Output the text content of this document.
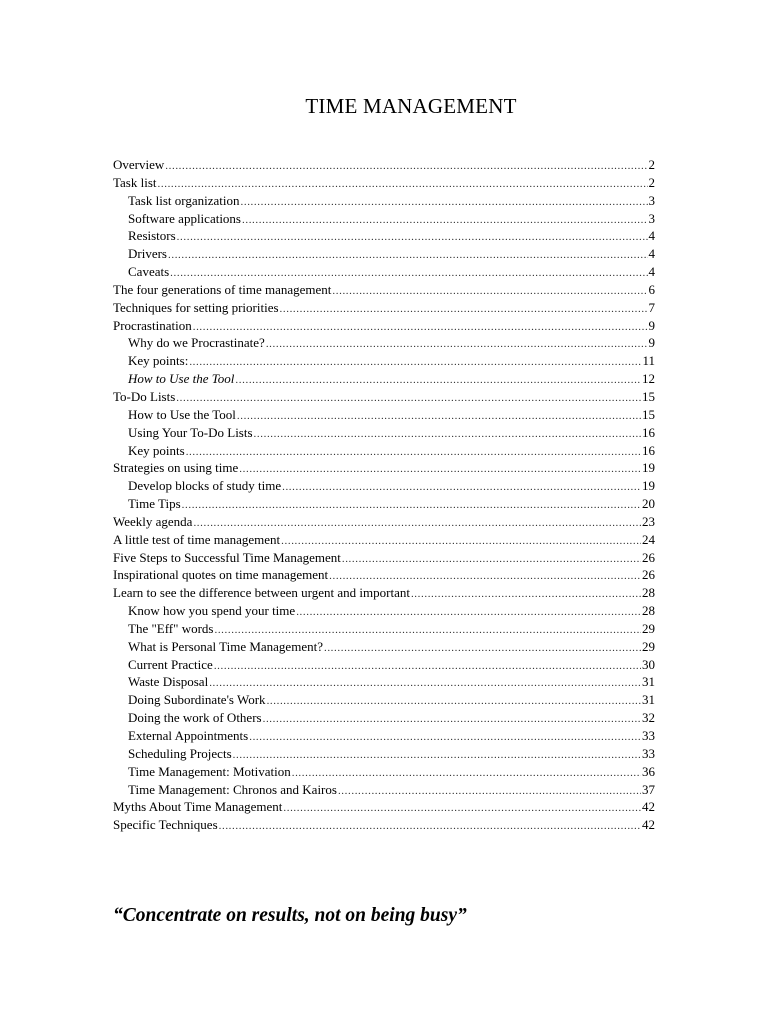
TIME MANAGEMENT
Overview .....	2
Task list .....	2
Task list organization .....	3
Software applications .....	3
Resistors .....	4
Drivers .....	4
Caveats .....	4
The four generations of time management .....	6
Techniques for setting priorities .....	7
Procrastination .....	9
Why do we Procrastinate? .....	9
Key points: .....	11
How to Use the Tool .....	12
To-Do Lists .....	15
How to Use the Tool .....	15
Using Your To-Do Lists .....	16
Key points .....	16
Strategies on using time .....	19
Develop blocks of study time .....	19
Time Tips .....	20
Weekly agenda .....	23
A little test of time management .....	24
Five Steps to Successful Time Management .....	26
Inspirational quotes on time management .....	26
Learn to see the difference between urgent and important .....	28
Know how you spend your time .....	28
The "Eff" words .....	29
What is Personal Time Management? .....	29
Current Practice .....	30
Waste Disposal .....	31
Doing Subordinate's Work .....	31
Doing the work of Others .....	32
External Appointments .....	33
Scheduling Projects .....	33
Time Management: Motivation .....	36
Time Management: Chronos and Kairos .....	37
Myths About Time Management .....	42
Specific Techniques .....	42

“Concentrate on results, not on being busy”
